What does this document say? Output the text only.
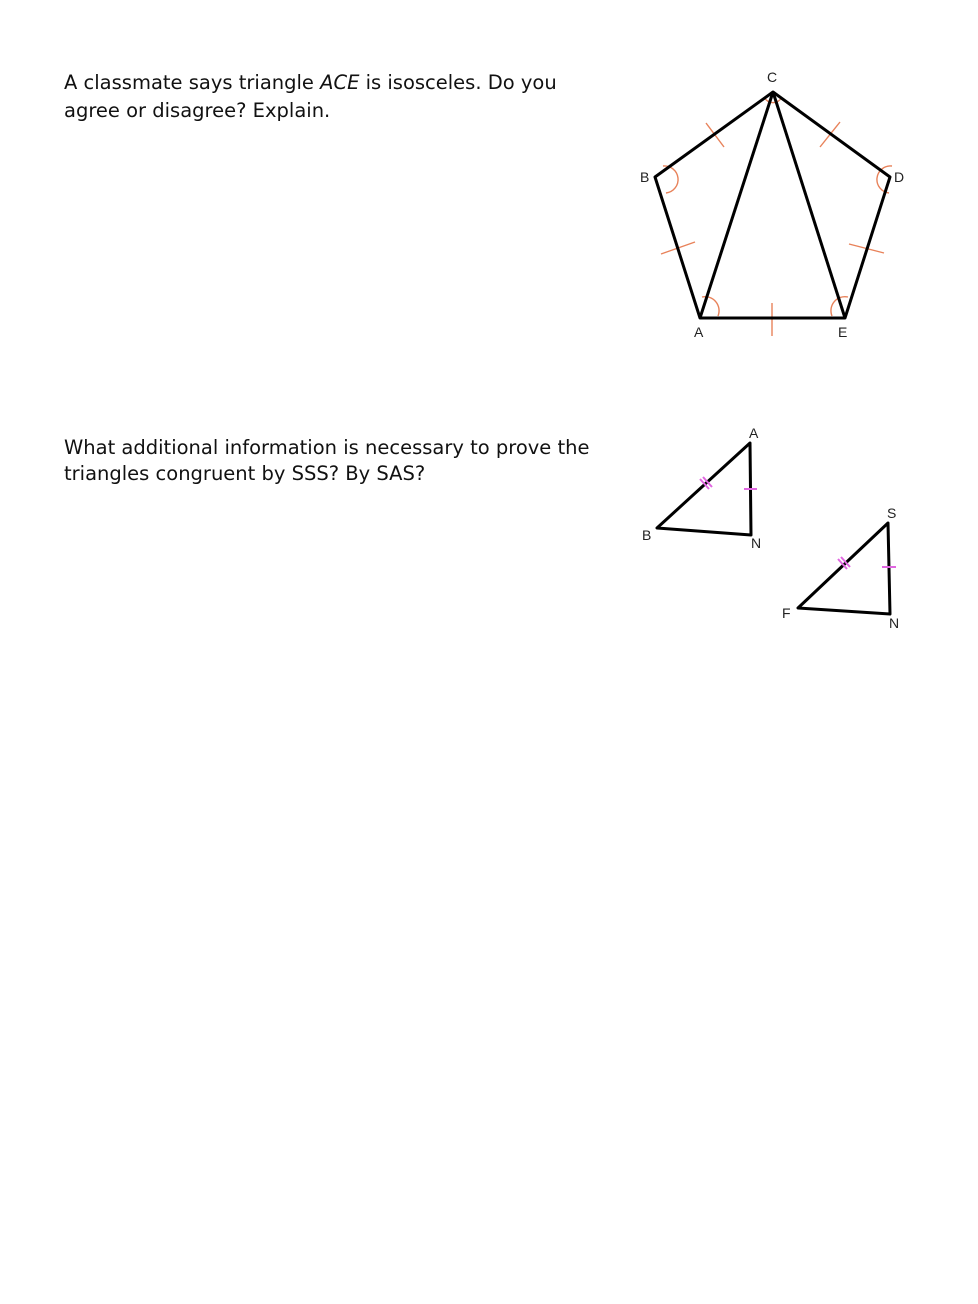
A classmate says triangle ACE is isosceles. Do you agree or disagree? Explain.

What additional information is necessary to prove the triangles congruent by SSS? By SAS?

C
B	D
A	E
A
B	N
S
F
N
